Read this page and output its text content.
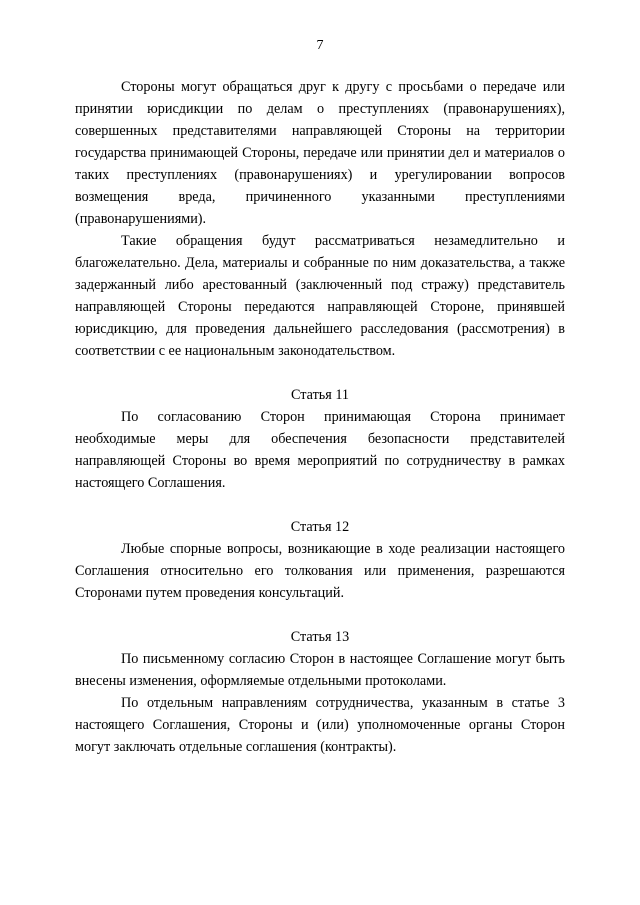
7

Стороны могут обращаться друг к другу с просьбами о передаче или принятии юрисдикции по делам о преступлениях (правонарушениях), совершенных представителями направляющей Стороны на территории государства принимающей Стороны, передаче или принятии дел и материалов о таких преступлениях (правонарушениях) и урегулировании вопросов возмещения вреда, причиненного указанными преступлениями (правонарушениями).

Такие обращения будут рассматриваться незамедлительно и благожелательно. Дела, материалы и собранные по ним доказательства, а также задержанный либо арестованный (заключенный под стражу) представитель направляющей Стороны передаются направляющей Стороне, принявшей юрисдикцию, для проведения дальнейшего расследования (рассмотрения) в соответствии с ее национальным законодательством.

Статья 11

По согласованию Сторон принимающая Сторона принимает необходимые меры для обеспечения безопасности представителей направляющей Стороны во время мероприятий по сотрудничеству в рамках настоящего Соглашения.

Статья 12

Любые спорные вопросы, возникающие в ходе реализации настоящего Соглашения относительно его толкования или применения, разрешаются Сторонами путем проведения консультаций.

Статья 13

По письменному согласию Сторон в настоящее Соглашение могут быть внесены изменения, оформляемые отдельными протоколами.

По отдельным направлениям сотрудничества, указанным в статье 3 настоящего Соглашения, Стороны и (или) уполномоченные органы Сторон могут заключать отдельные соглашения (контракты).
